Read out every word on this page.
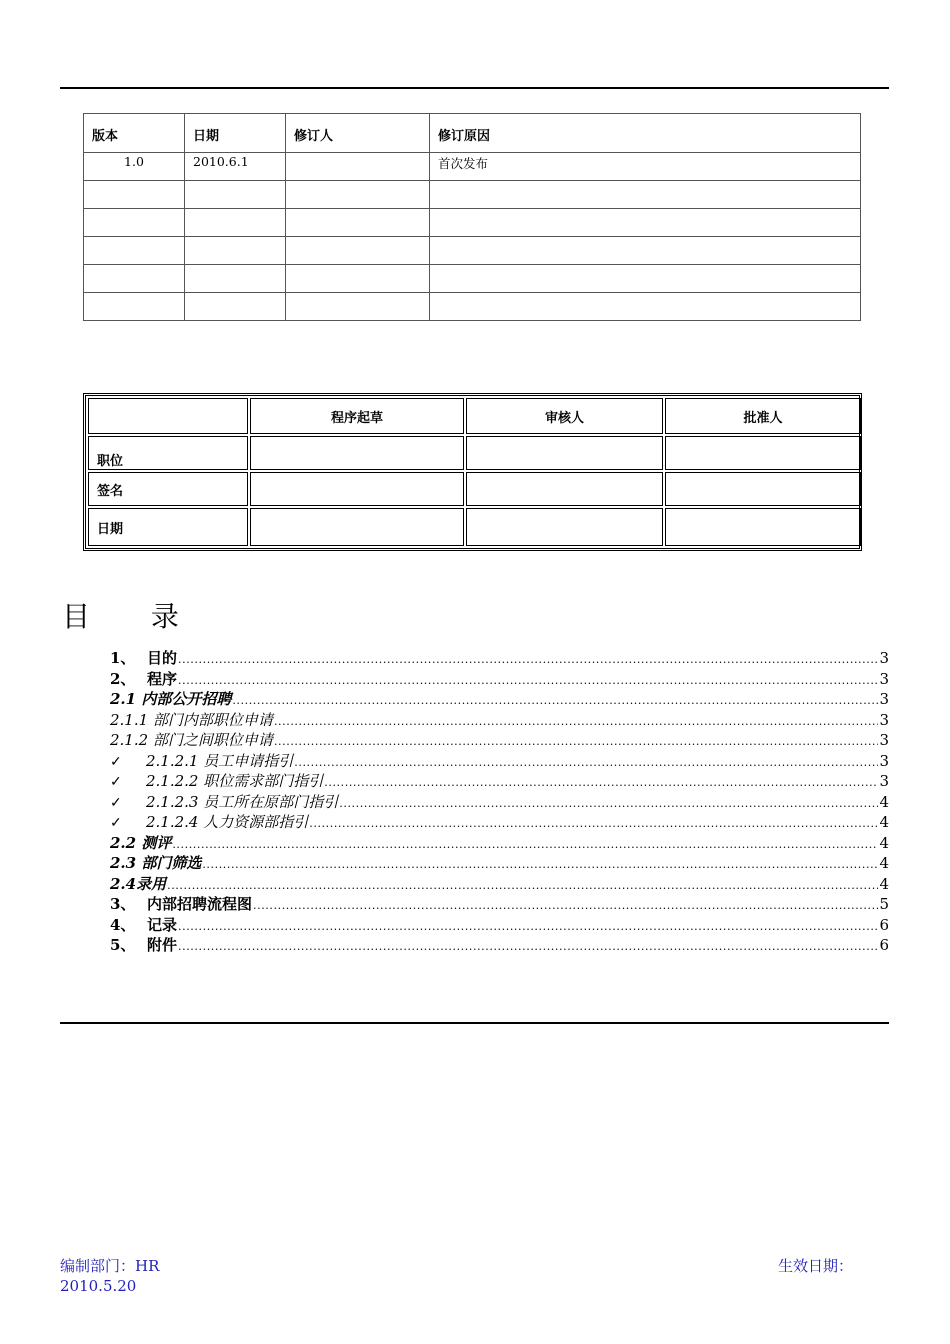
版本	日期	修订人	修订原因
1.0	2010.6.1		首次发布

	程序起草	审核人	批准人
职位			
签名			
日期			
目 录
1、 目的 .....	3
2、 程序 .....	3
2.1 内部公开招聘 .....	3
2.1.1 部门内部职位申请 .....	3
2.1.2 部门之间职位申请 .....	3
✓ 2.1.2.1 员工申请指引 .....	3
✓ 2.1.2.2 职位需求部门指引 .....	3
✓ 2.1.2.3 员工所在原部门指引 .....	4
✓ 2.1.2.4 人力资源部指引 .....	4
2.2 测评 .....	4
2.3 部门筛选 .....	4
2.4录用 .....	4
3、 内部招聘流程图 .....	5
4、 记录 .....	6
5、 附件 .....	6
编制部门：HR
2010.5.20
生效日期：
